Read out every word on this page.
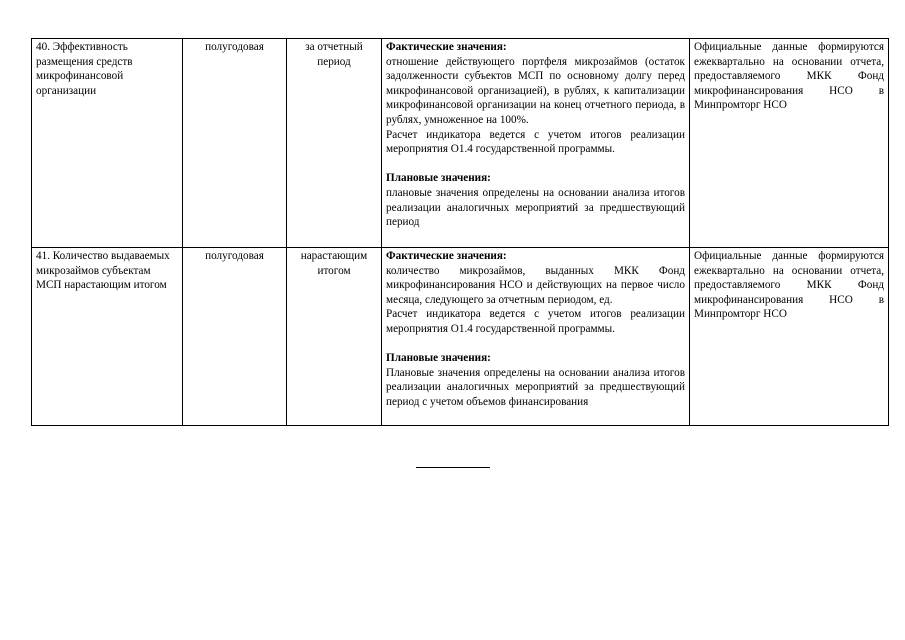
40. Эффективность размещения средств микрофинансовой организации	полугодовая	за отчетный период	Фактические значения:
отношение действующего портфеля микрозаймов (остаток задолженности субъектов МСП по основному долгу перед микрофинансовой организацией), в рублях, к капитализации микрофинансовой организации на конец отчетного периода, в рублях, умноженное на 100%.
Расчет индикатора ведется с учетом итогов реализации мероприятия О1.4 государственной программы.
Плановые значения:
плановые значения определены на основании анализа итогов реализации аналогичных мероприятий за предшествующий период	Официальные данные формируются ежеквартально на основании отчета, предоставляемого МКК Фонд микрофинансирования НСО в Минпромторг НСО
41. Количество выдаваемых микрозаймов субъектам МСП нарастающим итогом	полугодовая	нарастающим итогом	Фактические значения:
количество микрозаймов, выданных МКК Фонд микрофинансирования НСО и действующих на первое число месяца, следующего за отчетным периодом, ед.
Расчет индикатора ведется с учетом итогов реализации мероприятия О1.4 государственной программы.
Плановые значения:
Плановые значения определены на основании анализа итогов реализации аналогичных мероприятий за предшествующий период с учетом объемов финансирования	Официальные данные формируются ежеквартально на основании отчета, предоставляемого МКК Фонд микрофинансирования НСО в Минпромторг НСО
